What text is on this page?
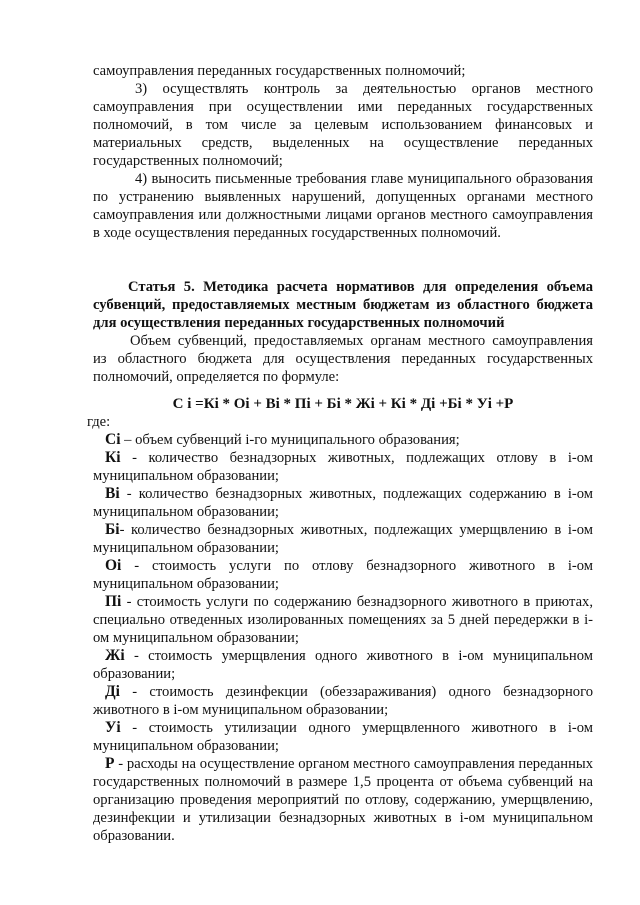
самоуправления переданных государственных полномочий;

3) осуществлять контроль за деятельностью органов местного самоуправления при осуществлении ими переданных государственных полномочий, в том числе за целевым использованием финансовых и материальных средств, выделенных на осуществление переданных государственных полномочий;

4) выносить письменные требования главе муниципального образования по устранению выявленных нарушений, допущенных органами местного самоуправления или должностными лицами органов местного самоуправления в ходе осуществления переданных государственных полномочий.

Статья 5. Методика расчета нормативов для определения объема субвенций, предоставляемых местным бюджетам из областного бюджета для осуществления переданных государственных полномочий

Объем субвенций, предоставляемых органам местного самоуправления из областного бюджета для осуществления переданных государственных полномочий, определяется по формуле:

С i =Кi * Оi + Вi * Пi + Бi * Жi + Кi * Дi +Бi * Уi +Р

где:

Сi – объем субвенций i-го муниципального образования;

Кi - количество безнадзорных животных, подлежащих отлову в i-ом муниципальном образовании;

Вi - количество безнадзорных животных, подлежащих содержанию в i-ом муниципальном образовании;

Бi- количество безнадзорных животных, подлежащих умерщвлению в i-ом муниципальном образовании;

Оi - стоимость услуги по отлову безнадзорного животного в i-ом муниципальном образовании;

Пi - стоимость услуги по содержанию безнадзорного животного в приютах, специально отведенных изолированных помещениях за 5 дней передержки в i-ом муниципальном образовании;

Жi - стоимость умерщвления одного животного в i-ом муниципальном образовании;

Дi - стоимость дезинфекции (обеззараживания) одного безнадзорного животного в i-ом муниципальном образовании;

Уi - стоимость утилизации одного умерщвленного животного в i-ом муниципальном образовании;

Р - расходы на осуществление органом местного самоуправления переданных государственных полномочий в размере 1,5 процента от объема субвенций на организацию проведения мероприятий по отлову, содержанию, умерщвлению, дезинфекции и утилизации безнадзорных животных в i-ом муниципальном образовании.
